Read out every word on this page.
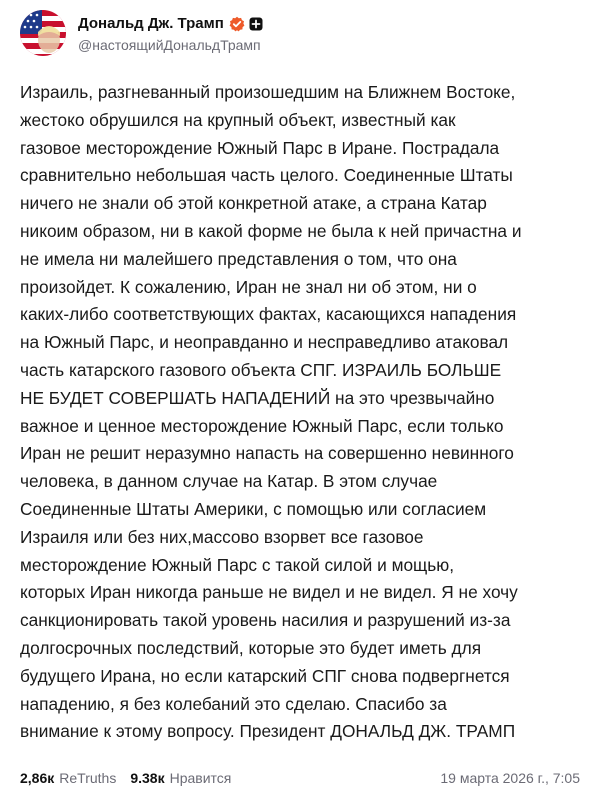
Дональд Дж. Трамп
@настоящийДональдТрамп
Израиль, разгневанный произошедшим на Ближнем Востоке,
жестоко обрушился на крупный объект, известный как
газовое месторождение Южный Парс в Иране. Пострадала
сравнительно небольшая часть целого. Соединенные Штаты
ничего не знали об этой конкретной атаке, а страна Катар
никоим образом, ни в какой форме не была к ней причастна и
не имела ни малейшего представления о том, что она
произойдет. К сожалению, Иран не знал ни об этом, ни о
каких-либо соответствующих фактах, касающихся нападения
на Южный Парс, и неоправданно и несправедливо атаковал
часть катарского газового объекта СПГ. ИЗРАИЛЬ БОЛЬШЕ
НЕ БУДЕТ СОВЕРШАТЬ НАПАДЕНИЙ на это чрезвычайно
важное и ценное месторождение Южный Парс, если только
Иран не решит неразумно напасть на совершенно невинного
человека, в данном случае на Катар. В этом случае
Соединенные Штаты Америки, с помощью или согласием
Израиля или без них,массово взорвет все газовое
месторождение Южный Парс с такой силой и мощью,
которых Иран никогда раньше не видел и не видел. Я не хочу
санкционировать такой уровень насилия и разрушений из-за
долгосрочных последствий, которые это будет иметь для
будущего Ирана, но если катарский СПГ снова подвергнется
нападению, я без колебаний это сделаю. Спасибо за
внимание к этому вопросу. Президент ДОНАЛЬД ДЖ. ТРАМП
2,86к ReTruths 9.38к Нравится	19 марта 2026 г., 7:05
